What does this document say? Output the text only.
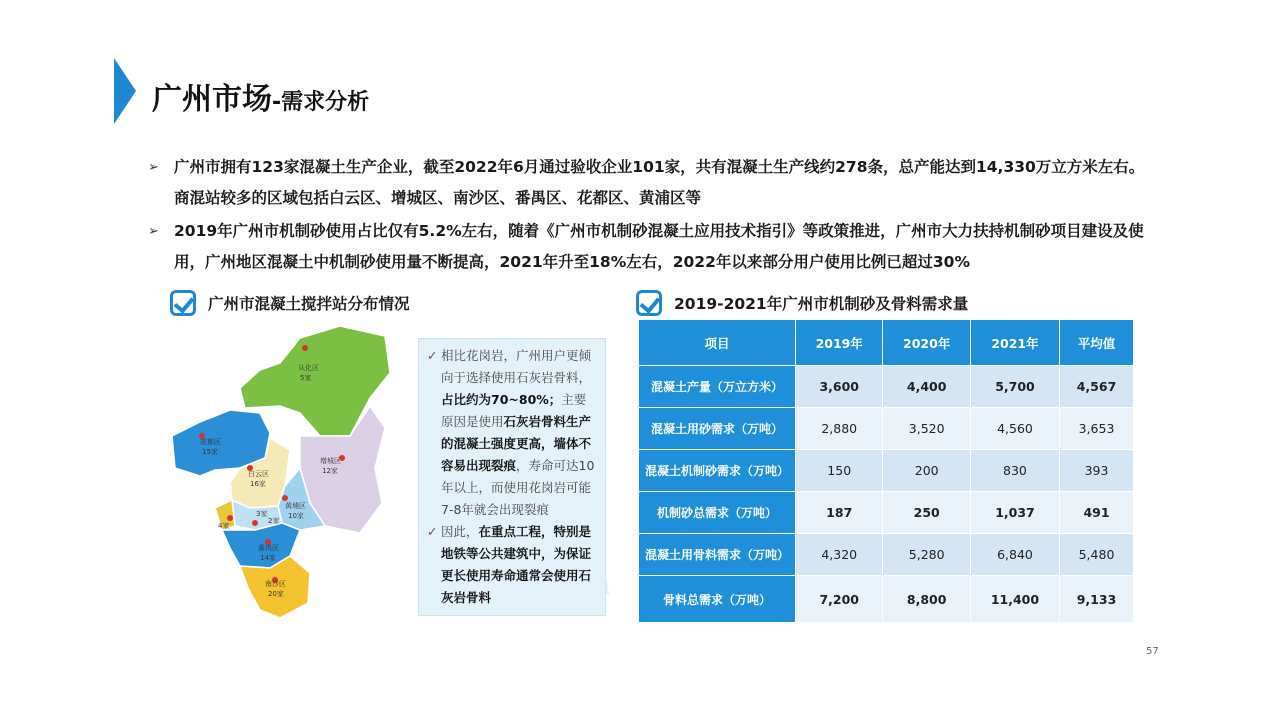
广州市场-需求分析
➢ 广州市拥有123家混凝土生产企业，截至2022年6月通过验收企业101家，共有混凝土生产线约278条，总产能达到14,330万立方米左右。商混站较多的区域包括白云区、增城区、南沙区、番禺区、花都区、黄浦区等
➢ 2019年广州市机制砂使用占比仅有5.2%左右，随着《广州市机制砂混凝土应用技术指引》等政策推进，广州市大力扶持机制砂项目建设及使用，广州地区混凝土中机制砂使用量不断提高，2021年升至18%左右，2022年以来部分用户使用比例已超过30%
广州市混凝土搅拌站分布情况	2019-2021年广州市机制砂及骨料需求量
从化区
5家
花都区
15家
增城区
12家
白云区
16家
黄埔区
10家
2家
3家
4家
番禺区
14家
南沙区
20家
✓ 相比花岗岩，广州用户更倾向于选择使用石灰岩骨料，占比约为70~80%；主要原因是使用石灰岩骨料生产的混凝土强度更高，墙体不容易出现裂痕，寿命可达10年以上，而使用花岗岩可能7-8年就会出现裂痕
✓ 因此，在重点工程，特别是地铁等公共建筑中，为保证更长使用寿命通常会使用石灰岩骨料
项目	2019年	2020年	2021年	平均值
混凝土产量（万立方米）	3,600	4,400	5,700	4,567
混凝土用砂需求（万吨）	2,880	3,520	4,560	3,653
混凝土机制砂需求（万吨）	150	200	830	393
机制砂总需求（万吨）	187	250	1,037	491
混凝土用骨料需求（万吨）	4,320	5,280	6,840	5,480
骨料总需求（万吨）	7,200	8,800	11,400	9,133
57
